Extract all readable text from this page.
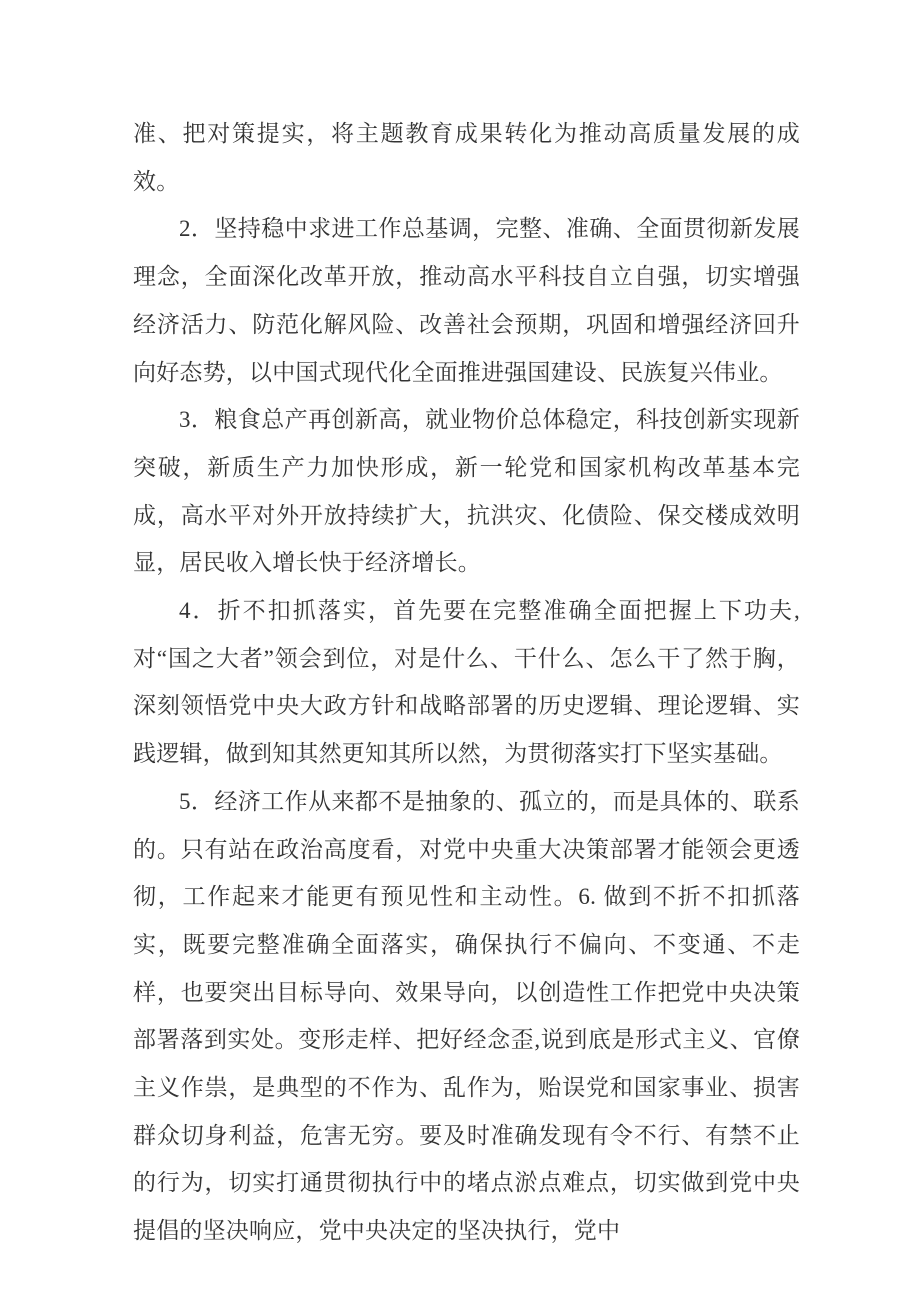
准、把对策提实，将主题教育成果转化为推动高质量发展的成效。

2．坚持稳中求进工作总基调，完整、准确、全面贯彻新发展理念，全面深化改革开放，推动高水平科技自立自强，切实增强经济活力、防范化解风险、改善社会预期，巩固和增强经济回升向好态势，以中国式现代化全面推进强国建设、民族复兴伟业。

3．粮食总产再创新高，就业物价总体稳定，科技创新实现新突破，新质生产力加快形成，新一轮党和国家机构改革基本完成，高水平对外开放持续扩大，抗洪灾、化债险、保交楼成效明显，居民收入增长快于经济增长。

4．折不扣抓落实，首先要在完整准确全面把握上下功夫,对“国之大者”领会到位，对是什么、干什么、怎么干了然于胸，深刻领悟党中央大政方针和战略部署的历史逻辑、理论逻辑、实践逻辑，做到知其然更知其所以然，为贯彻落实打下坚实基础。

5．经济工作从来都不是抽象的、孤立的，而是具体的、联系的。只有站在政治高度看，对党中央重大决策部署才能领会更透彻，工作起来才能更有预见性和主动性。6. 做到不折不扣抓落实，既要完整准确全面落实，确保执行不偏向、不变通、不走样，也要突出目标导向、效果导向，以创造性工作把党中央决策部署落到实处。变形走样、把好经念歪,说到底是形式主义、官僚主义作祟，是典型的不作为、乱作为，贻误党和国家事业、损害群众切身利益，危害无穷。要及时准确发现有令不行、有禁不止的行为，切实打通贯彻执行中的堵点淤点难点，切实做到党中央提倡的坚决响应，党中央决定的坚决执行，党中
